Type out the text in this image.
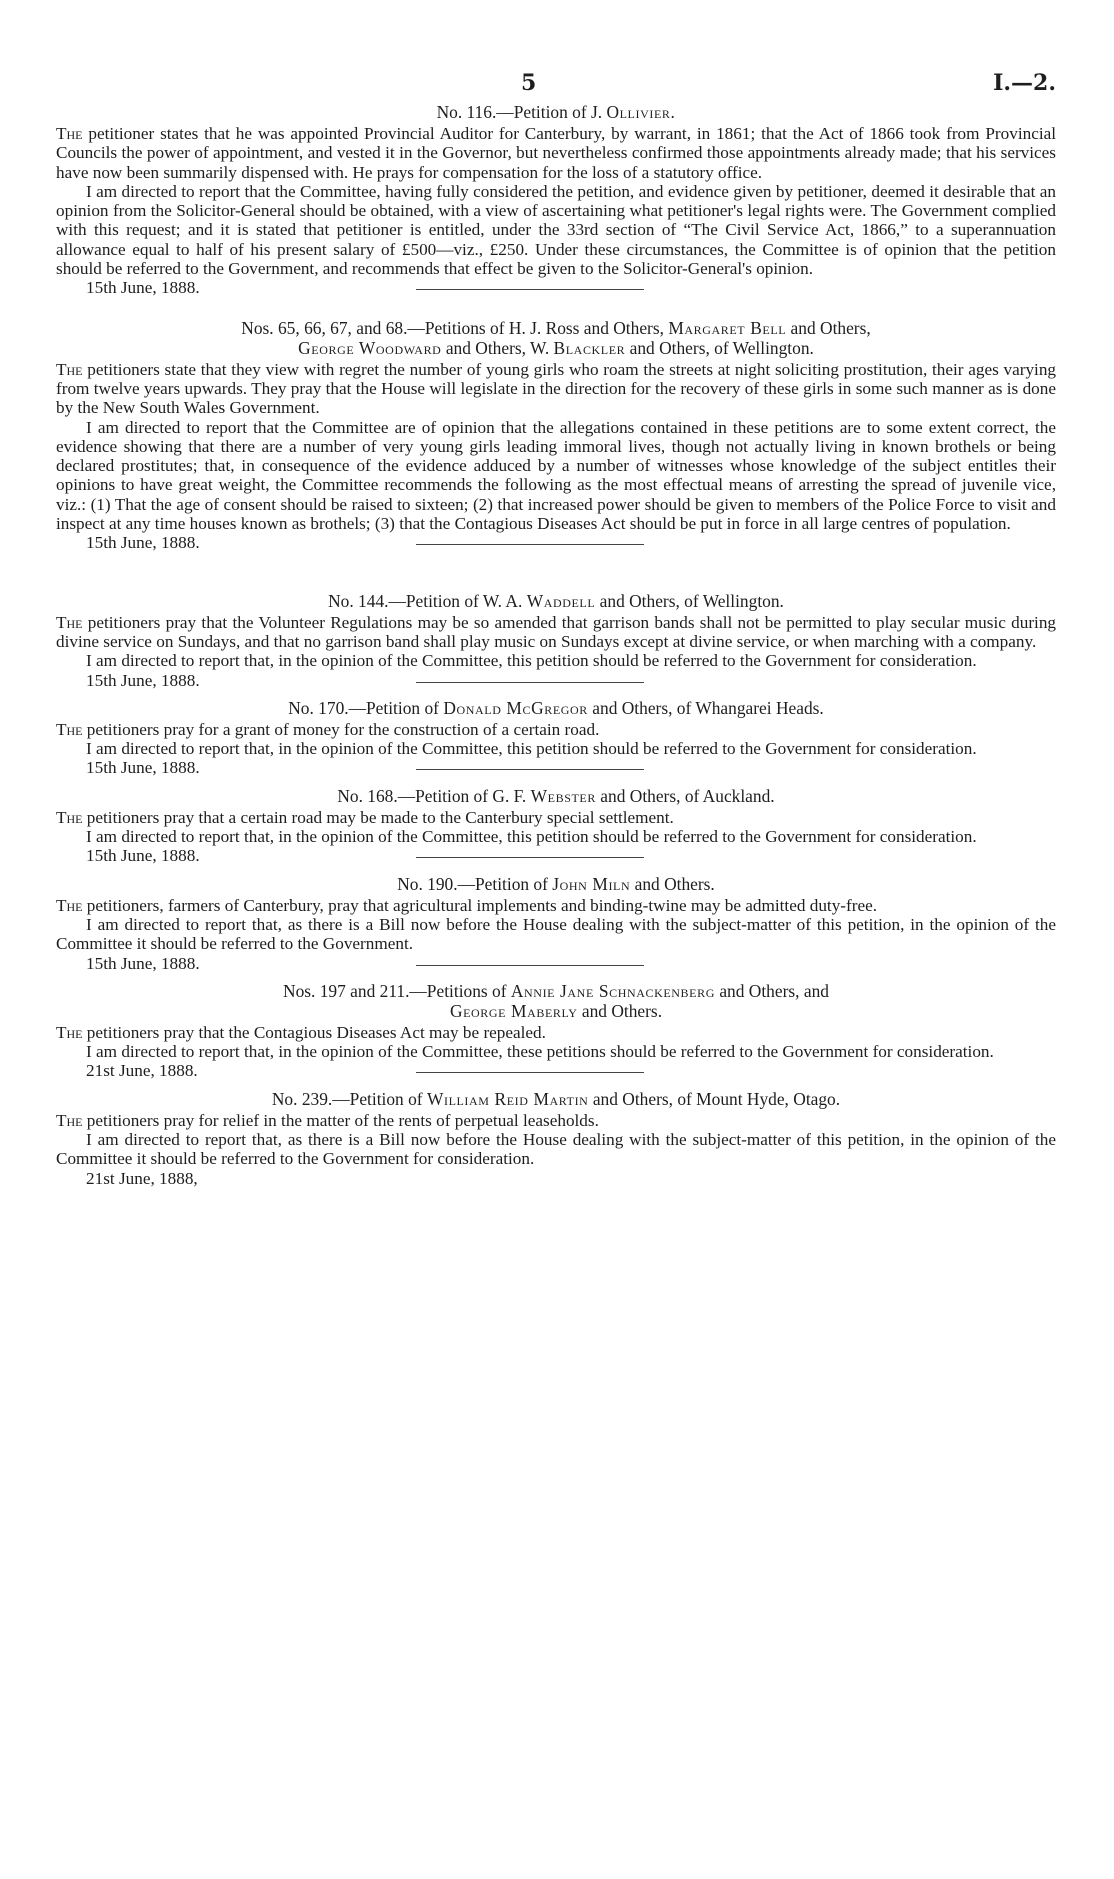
5	I.—2.

No. 116.—Petition of J. Ollivier.

The petitioner states that he was appointed Provincial Auditor for Canterbury, by warrant, in 1861; that the Act of 1866 took from Provincial Councils the power of appointment, and vested it in the Governor, but nevertheless confirmed those appointments already made; that his services have now been summarily dispensed with. He prays for compensation for the loss of a statutory office.

I am directed to report that the Committee, having fully considered the petition, and evidence given by petitioner, deemed it desirable that an opinion from the Solicitor-General should be obtained, with a view of ascertaining what petitioner's legal rights were. The Government complied with this request; and it is stated that petitioner is entitled, under the 33rd section of “The Civil Service Act, 1866,” to a superannuation allowance equal to half of his present salary of £500—viz., £250. Under these circumstances, the Committee is of opinion that the petition should be referred to the Government, and recommends that effect be given to the Solicitor-General's opinion.

15th June, 1888.

Nos. 65, 66, 67, and 68.—Petitions of H. J. Ross and Others, Margaret Bell and Others,
George Woodward and Others, W. Blackler and Others, of Wellington.

The petitioners state that they view with regret the number of young girls who roam the streets at night soliciting prostitution, their ages varying from twelve years upwards. They pray that the House will legislate in the direction for the recovery of these girls in some such manner as is done by the New South Wales Government.

I am directed to report that the Committee are of opinion that the allegations contained in these petitions are to some extent correct, the evidence showing that there are a number of very young girls leading immoral lives, though not actually living in known brothels or being declared prostitutes; that, in consequence of the evidence adduced by a number of witnesses whose knowledge of the subject entitles their opinions to have great weight, the Committee recommends the following as the most effectual means of arresting the spread of juvenile vice, viz.: (1) That the age of consent should be raised to sixteen; (2) that increased power should be given to members of the Police Force to visit and inspect at any time houses known as brothels; (3) that the Contagious Diseases Act should be put in force in all large centres of population.

15th June, 1888.

No. 144.—Petition of W. A. Waddell and Others, of Wellington.

The petitioners pray that the Volunteer Regulations may be so amended that garrison bands shall not be permitted to play secular music during divine service on Sundays, and that no garrison band shall play music on Sundays except at divine service, or when marching with a company.

I am directed to report that, in the opinion of the Committee, this petition should be referred to the Government for consideration.

15th June, 1888.

No. 170.—Petition of Donald McGregor and Others, of Whangarei Heads.

The petitioners pray for a grant of money for the construction of a certain road.

I am directed to report that, in the opinion of the Committee, this petition should be referred to the Government for consideration.

15th June, 1888.

No. 168.—Petition of G. F. Webster and Others, of Auckland.

The petitioners pray that a certain road may be made to the Canterbury special settlement.

I am directed to report that, in the opinion of the Committee, this petition should be referred to the Government for consideration.

15th June, 1888.

No. 190.—Petition of John Miln and Others.

The petitioners, farmers of Canterbury, pray that agricultural implements and binding-twine may be admitted duty-free.

I am directed to report that, as there is a Bill now before the House dealing with the subject-matter of this petition, in the opinion of the Committee it should be referred to the Government.

15th June, 1888.

Nos. 197 and 211.—Petitions of Annie Jane Schnackenberg and Others, and
George Maberly and Others.

The petitioners pray that the Contagious Diseases Act may be repealed.

I am directed to report that, in the opinion of the Committee, these petitions should be referred to the Government for consideration.

21st June, 1888.

No. 239.—Petition of William Reid Martin and Others, of Mount Hyde, Otago.

The petitioners pray for relief in the matter of the rents of perpetual leaseholds.

I am directed to report that, as there is a Bill now before the House dealing with the subject-matter of this petition, in the opinion of the Committee it should be referred to the Government for consideration.

21st June, 1888,
